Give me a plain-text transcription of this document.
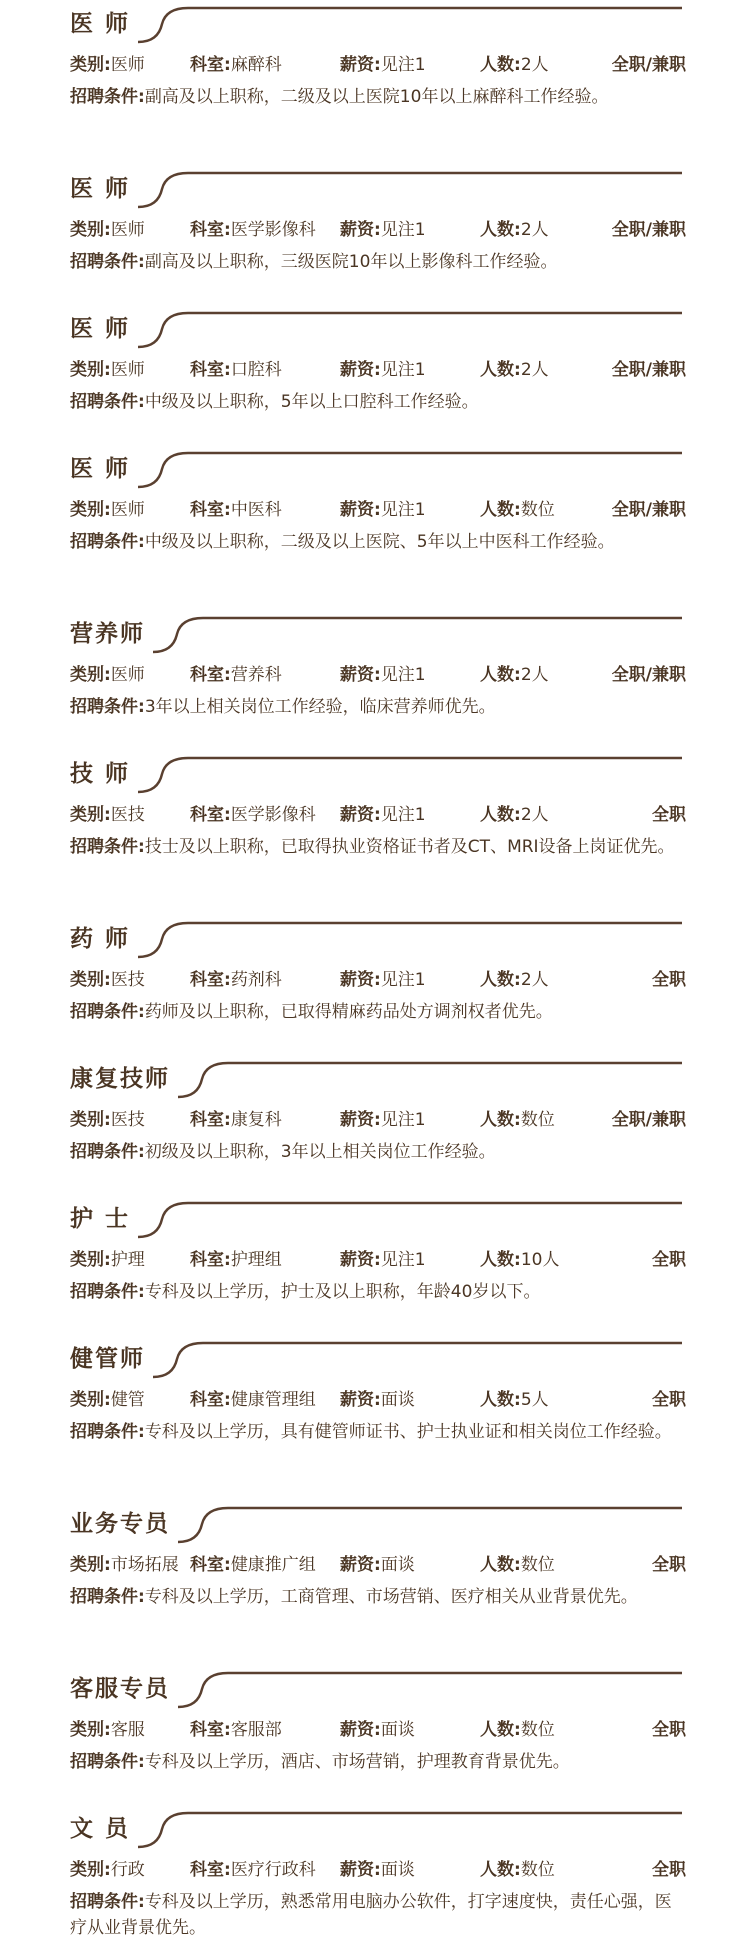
医 师
类别:医师	科室:麻醉科	薪资:见注1	人数:2人	全职/兼职
招聘条件:副高及以上职称，二级及以上医院10年以上麻醉科工作经验。
医 师
类别:医师	科室:医学影像科 薪资:见注1	人数:2人	全职/兼职
招聘条件:副高及以上职称，三级医院10年以上影像科工作经验。
医 师
类别:医师	科室:口腔科	薪资:见注1	人数:2人	全职/兼职
招聘条件:中级及以上职称，5年以上口腔科工作经验。
医 师
类别:医师	科室:中医科	薪资:见注1	人数:数位	全职/兼职
招聘条件:中级及以上职称，二级及以上医院、5年以上中医科工作经验。
营养师
类别:医师	科室:营养科	薪资:见注1	人数:2人	全职/兼职
招聘条件:3年以上相关岗位工作经验，临床营养师优先。
技 师
类别:医技	科室:医学影像科 薪资:见注1	人数:2人	全职
招聘条件:技士及以上职称，已取得执业资格证书者及CT、MRI设备上岗证优先。
药 师
类别:医技	科室:药剂科	薪资:见注1	人数:2人	全职
招聘条件:药师及以上职称，已取得精麻药品处方调剂权者优先。
康复技师
类别:医技	科室:康复科	薪资:见注1	人数:数位	全职/兼职
招聘条件:初级及以上职称，3年以上相关岗位工作经验。
护 士
类别:护理	科室:护理组	薪资:见注1	人数:10人	全职
招聘条件:专科及以上学历，护士及以上职称，年龄40岁以下。
健管师
类别:健管	科室:健康管理组 薪资:面谈	人数:5人	全职
招聘条件:专科及以上学历，具有健管师证书、护士执业证和相关岗位工作经验。
业务专员
类别:市场拓展 科室:健康推广组 薪资:面谈	人数:数位	全职
招聘条件:专科及以上学历，工商管理、市场营销、医疗相关从业背景优先。
客服专员
类别:客服	科室:客服部	薪资:面谈	人数:数位	全职
招聘条件:专科及以上学历，酒店、市场营销，护理教育背景优先。
文 员
类别:行政	科室:医疗行政科 薪资:面谈	人数:数位	全职
招聘条件:专科及以上学历，熟悉常用电脑办公软件，打字速度快，责任心强，医疗从业背景优先。
